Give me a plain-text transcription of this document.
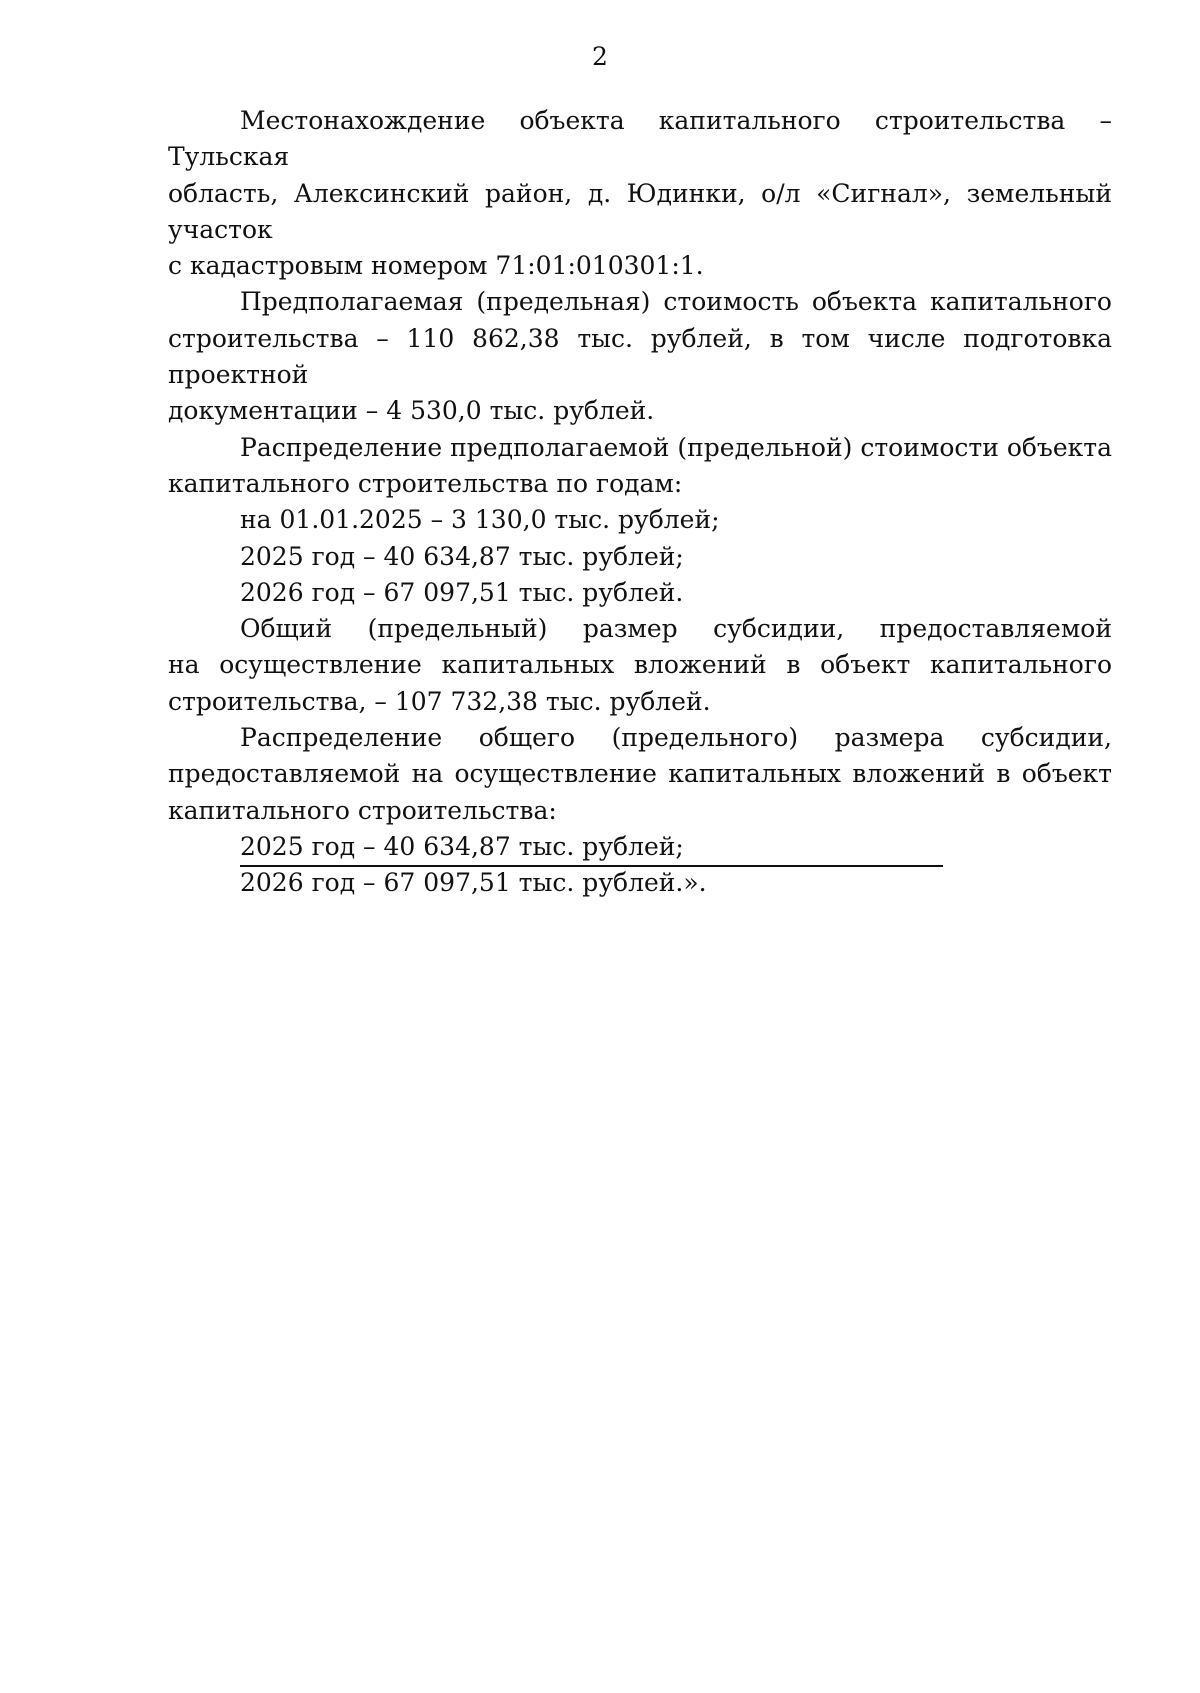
2

Местонахождение объекта капитального строительства – Тульская

область, Алексинский район, д. Юдинки, о/л «Сигнал», земельный участок

с кадастровым номером 71:01:010301:1.

Предполагаемая (предельная) стоимость объекта капитального

строительства – 110 862,38 тыс. рублей, в том числе подготовка проектной

документации – 4 530,0 тыс. рублей.

Распределение предполагаемой (предельной) стоимости объекта

капитального строительства по годам:

на 01.01.2025 – 3 130,0 тыс. рублей;

2025 год – 40 634,87 тыс. рублей;

2026 год – 67 097,51 тыс. рублей.

Общий (предельный) размер субсидии, предоставляемой

на осуществление капитальных вложений в объект капитального

строительства, – 107 732,38 тыс. рублей.

Распределение общего (предельного) размера субсидии,

предоставляемой на осуществление капитальных вложений в объект

капитального строительства:

2025 год – 40 634,87 тыс. рублей;

2026 год – 67 097,51 тыс. рублей.».
